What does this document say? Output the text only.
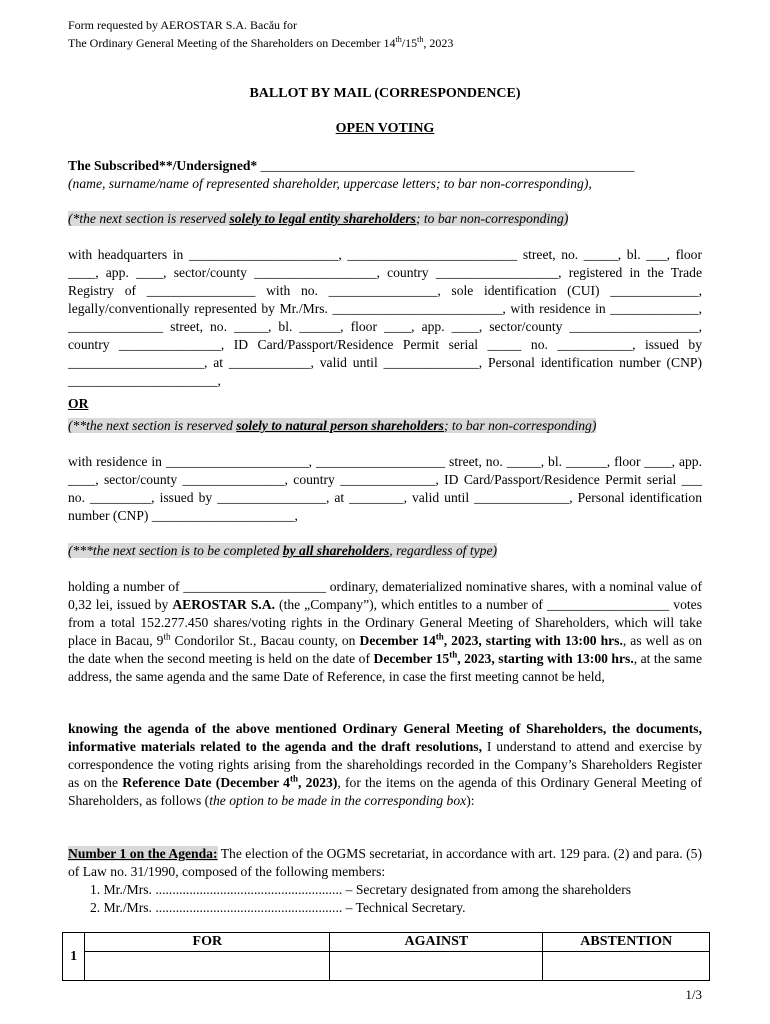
Form requested by AEROSTAR S.A. Bacău for
The Ordinary General Meeting of the Shareholders on December 14th/15th, 2023
BALLOT BY MAIL (CORRESPONDENCE)
OPEN VOTING
The Subscribed**/Undersigned* _______________________________________________________
(name, surname/name of represented shareholder, uppercase letters; to bar non-corresponding),
(*the next section is reserved solely to legal entity shareholders; to bar non-corresponding)
with headquarters in ______________________, _________________________ street, no. _____, bl. ___, floor ____, app. ____, sector/county __________________, country __________________, registered in the Trade Registry of ________________ with no. ________________, sole identification (CUI) _____________, legally/conventionally represented by Mr./Mrs. _________________________, with residence in _____________, ______________ street, no. _____, bl. ______, floor ____, app. ____, sector/county ___________________, country _______________, ID Card/Passport/Residence Permit serial _____ no. ___________, issued by ____________________, at ____________, valid until ______________, Personal identification number (CNP) ______________________,
OR
(**the next section is reserved solely to natural person shareholders; to bar non-corresponding)
with residence in _____________________, ___________________ street, no. _____, bl. ______, floor ____, app. ____, sector/county _______________, country ______________, ID Card/Passport/Residence Permit serial ___ no. _________, issued by ________________, at ________, valid until ______________, Personal identification number (CNP) _____________________,
(***the next section is to be completed by all shareholders, regardless of type)
holding a number of _____________________ ordinary, dematerialized nominative shares, with a nominal value of 0,32 lei, issued by AEROSTAR S.A. (the „Company”), which entitles to a number of __________________ votes from a total 152.277.450 shares/voting rights in the Ordinary General Meeting of Shareholders, which will take place in Bacau, 9th Condorilor St., Bacau county, on December 14th, 2023, starting with 13:00 hrs., as well as on the date when the second meeting is held on the date of December 15th, 2023, starting with 13:00 hrs., at the same address, the same agenda and the same Date of Reference, in case the first meeting cannot be held,
knowing the agenda of the above mentioned Ordinary General Meeting of Shareholders, the documents, informative materials related to the agenda and the draft resolutions, I understand to attend and exercise by correspondence the voting rights arising from the shareholdings recorded in the Company’s Shareholders Register as on the Reference Date (December 4th, 2023), for the items on the agenda of this Ordinary General Meeting of Shareholders, as follows (the option to be made in the corresponding box):
Number 1 on the Agenda: The election of the OGMS secretariat, in accordance with art. 129 para. (2) and para. (5) of Law no. 31/1990, composed of the following members:
1. Mr./Mrs. ....................................................... – Secretary designated from among the shareholders
2. Mr./Mrs. ....................................................... – Technical Secretary.
1	FOR	AGAINST	ABSTENTION

1/3
